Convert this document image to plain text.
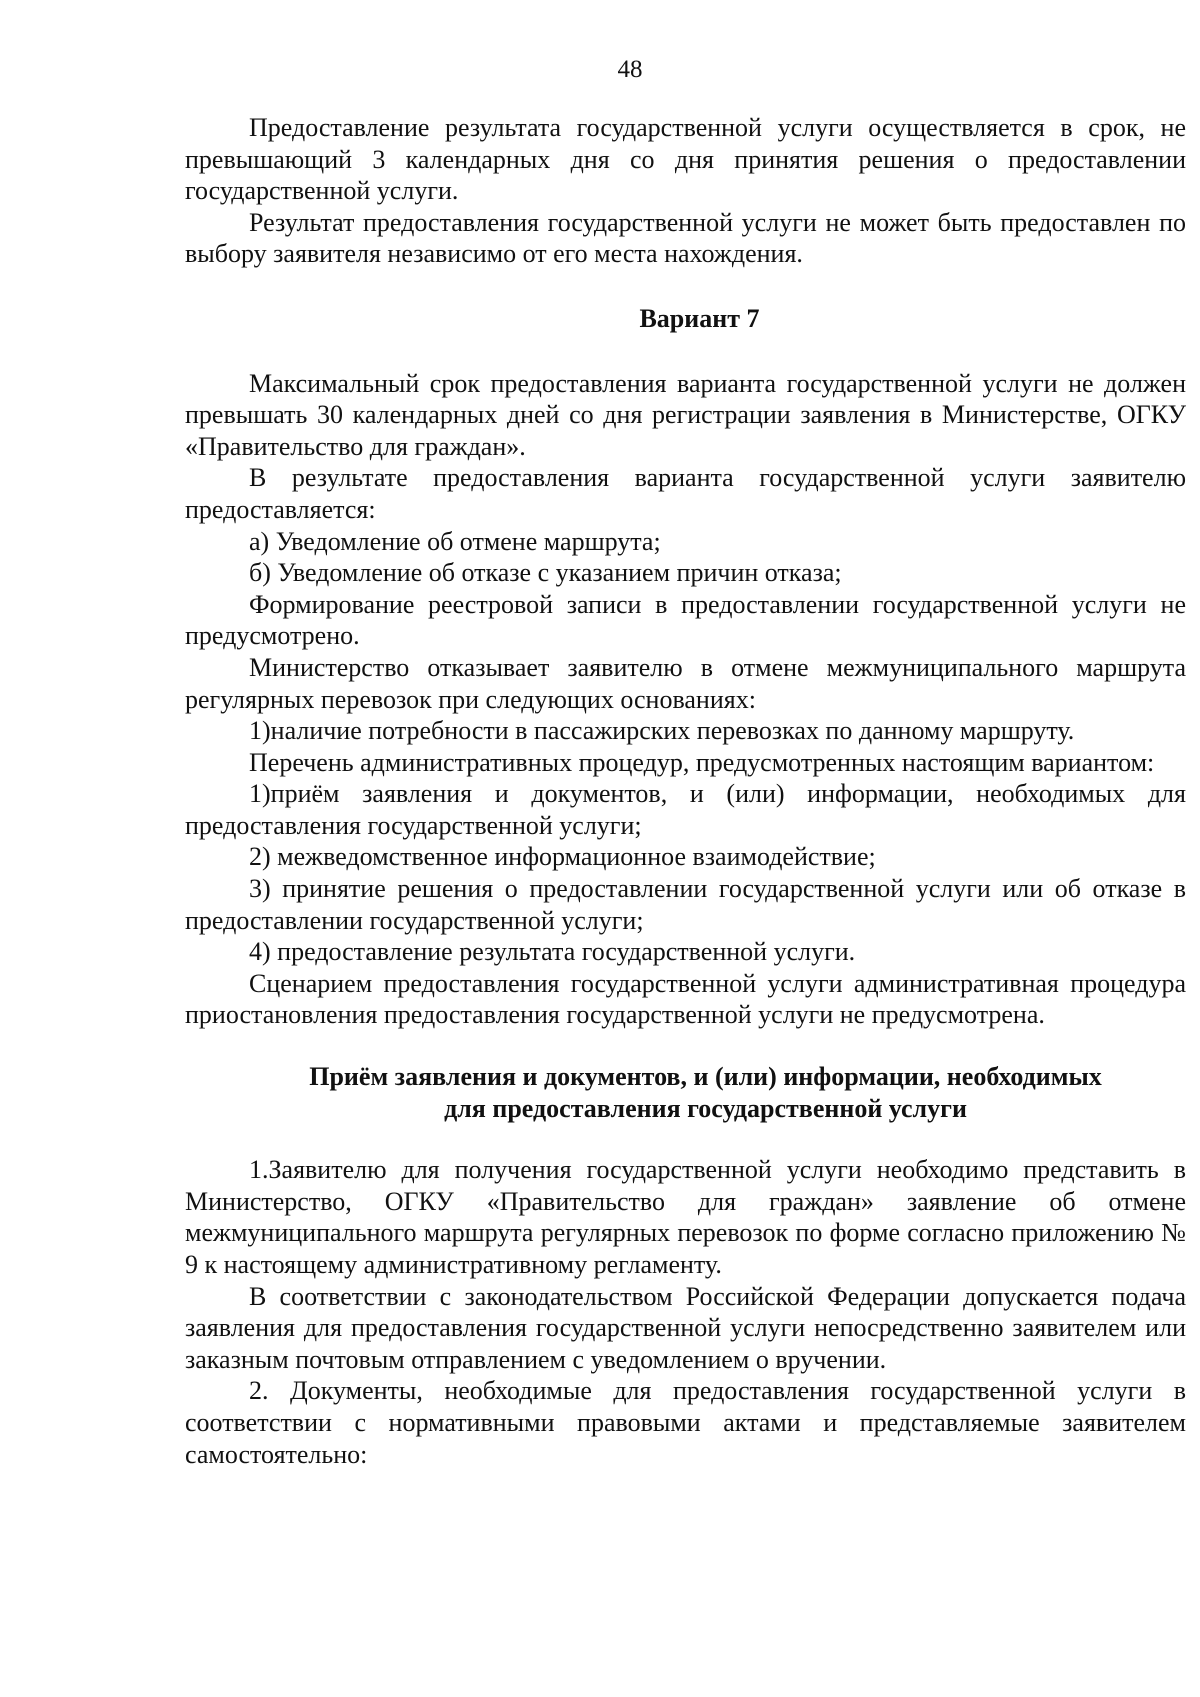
48

Предоставление результата государственной услуги осуществляется в срок, не превышающий 3 календарных дня со дня принятия решения о предоставлении государственной услуги.

Результат предоставления государственной услуги не может быть предоставлен по выбору заявителя независимо от его места нахождения.

Вариант 7

Максимальный срок предоставления варианта государственной услуги не должен превышать 30 календарных дней со дня регистрации заявления в Министерстве, ОГКУ «Правительство для граждан».

В результате предоставления варианта государственной услуги заявителю предоставляется:

а) Уведомление об отмене маршрута;

б) Уведомление об отказе с указанием причин отказа;

Формирование реестровой записи в предоставлении государственной услуги не предусмотрено.

Министерство отказывает заявителю в отмене межмуниципального маршрута регулярных перевозок при следующих основаниях:

1)наличие потребности в пассажирских перевозках по данному маршруту.

Перечень административных процедур, предусмотренных настоящим вариантом:

1)приём заявления и документов, и (или) информации, необходимых для предоставления государственной услуги;

2) межведомственное информационное взаимодействие;

3) принятие решения о предоставлении государственной услуги или об отказе в предоставлении государственной услуги;

4) предоставление результата государственной услуги.

Сценарием предоставления государственной услуги административная процедура приостановления предоставления государственной услуги не предусмотрена.

Приём заявления и документов, и (или) информации, необходимых
для предоставления государственной услуги

1.Заявителю для получения государственной услуги необходимо представить в Министерство, ОГКУ «Правительство для граждан» заявление об отмене межмуниципального маршрута регулярных перевозок по форме согласно приложению № 9 к настоящему административному регламенту.

В соответствии с законодательством Российской Федерации допускается подача заявления для предоставления государственной услуги непосредственно заявителем или заказным почтовым отправлением с уведомлением о вручении.

2. Документы, необходимые для предоставления государственной услуги в соответствии с нормативными правовыми актами и представляемые заявителем самостоятельно:
